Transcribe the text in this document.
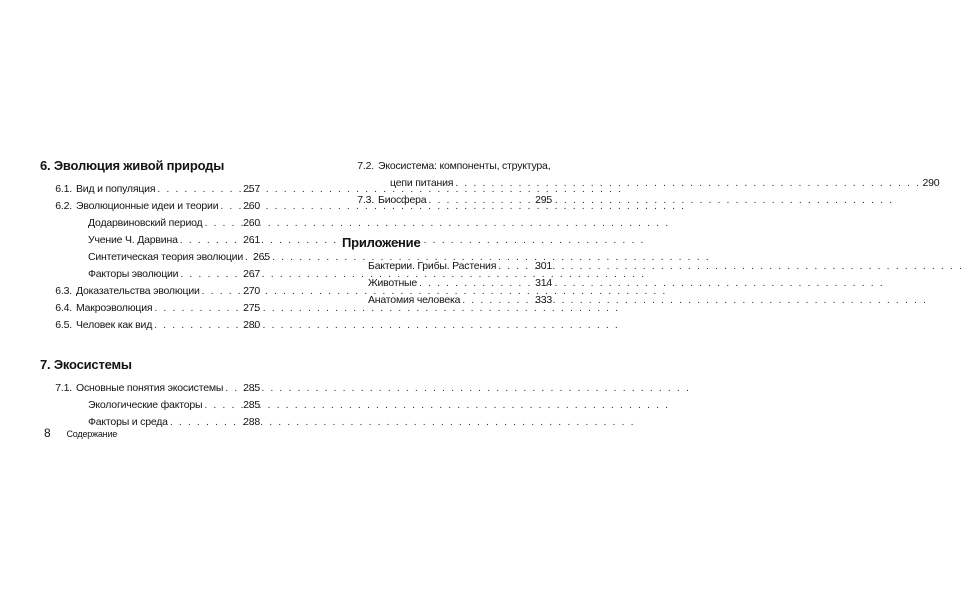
6. Эволюция живой природы
6.1. Вид и популяция . . .	257
6.2. Эволюционные идеи и теории . . . 260
Додарвиновский период . . .	260
Учение Ч. Дарвина . . .	261
Синтетическая теория эволюции . . . 265
Факторы эволюции . . .	267
6.3. Доказательства эволюции . . .	270
6.4. Макроэволюция . . .	275
6.5. Человек как вид . . .	280
7. Экосистемы
7.1. Основные понятия экосистемы . . . 285
Экологические факторы . . .	285
Факторы и среда . . .	288
7.2. Экосистема: компоненты, структура,
цепи питания . . .	290
7.3. Биосфера . . .	295
Приложение
Бактерии. Грибы. Растения . . .	301
Животные . . .	314
Анатомия человека . . .	333
8 Содержание
